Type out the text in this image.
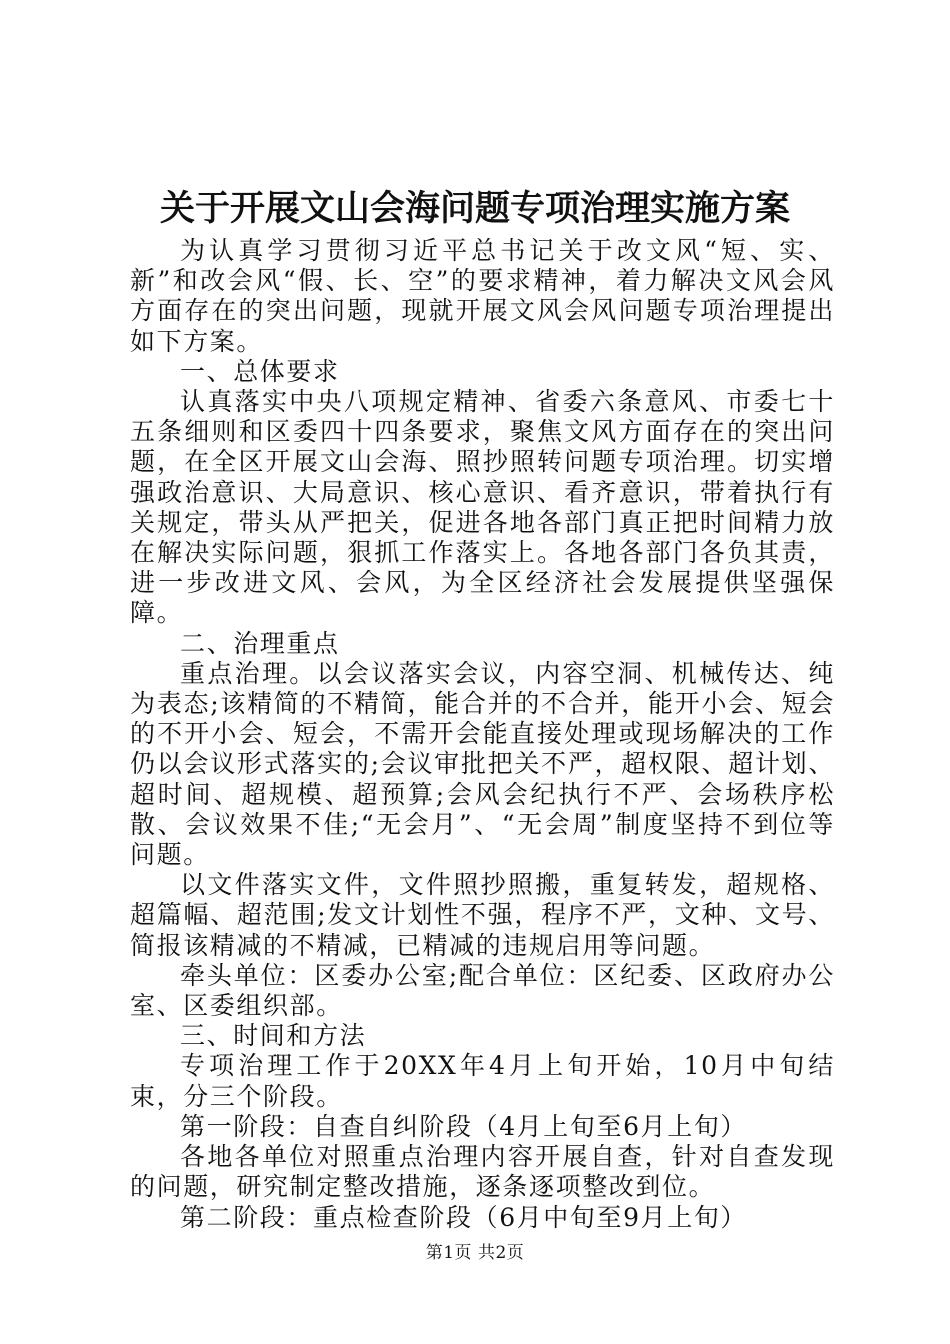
关于开展文山会海问题专项治理实施方案

为认真学习贯彻习近平总书记关于改文风“短、实、新”和改会风“假、长、空”的要求精神，着力解决文风会风方面存在的突出问题，现就开展文风会风问题专项治理提出如下方案。

一、总体要求

认真落实中央八项规定精神、省委六条意风、市委七十五条细则和区委四十四条要求，聚焦文风方面存在的突出问题，在全区开展文山会海、照抄照转问题专项治理。切实增强政治意识、大局意识、核心意识、看齐意识，带着执行有关规定，带头从严把关，促进各地各部门真正把时间精力放在解决实际问题，狠抓工作落实上。各地各部门各负其责，进一步改进文风、会风，为全区经济社会发展提供坚强保障。

二、治理重点

重点治理。以会议落实会议，内容空洞、机械传达、纯为表态;该精简的不精简，能合并的不合并，能开小会、短会的不开小会、短会，不需开会能直接处理或现场解决的工作仍以会议形式落实的;会议审批把关不严，超权限、超计划、超时间、超规模、超预算;会风会纪执行不严、会场秩序松散、会议效果不佳;“无会月”、“无会周”制度坚持不到位等问题。

以文件落实文件，文件照抄照搬，重复转发，超规格、超篇幅、超范围;发文计划性不强，程序不严，文种、文号、简报该精减的不精减，已精减的违规启用等问题。

牵头单位：区委办公室;配合单位：区纪委、区政府办公室、区委组织部。

三、时间和方法

专项治理工作于20XX年4月上旬开始，10月中旬结束，分三个阶段。

第一阶段：自查自纠阶段（4月上旬至6月上旬）

各地各单位对照重点治理内容开展自查，针对自查发现的问题，研究制定整改措施，逐条逐项整改到位。

第二阶段：重点检查阶段（6月中旬至9月上旬）

第1页 共2页
